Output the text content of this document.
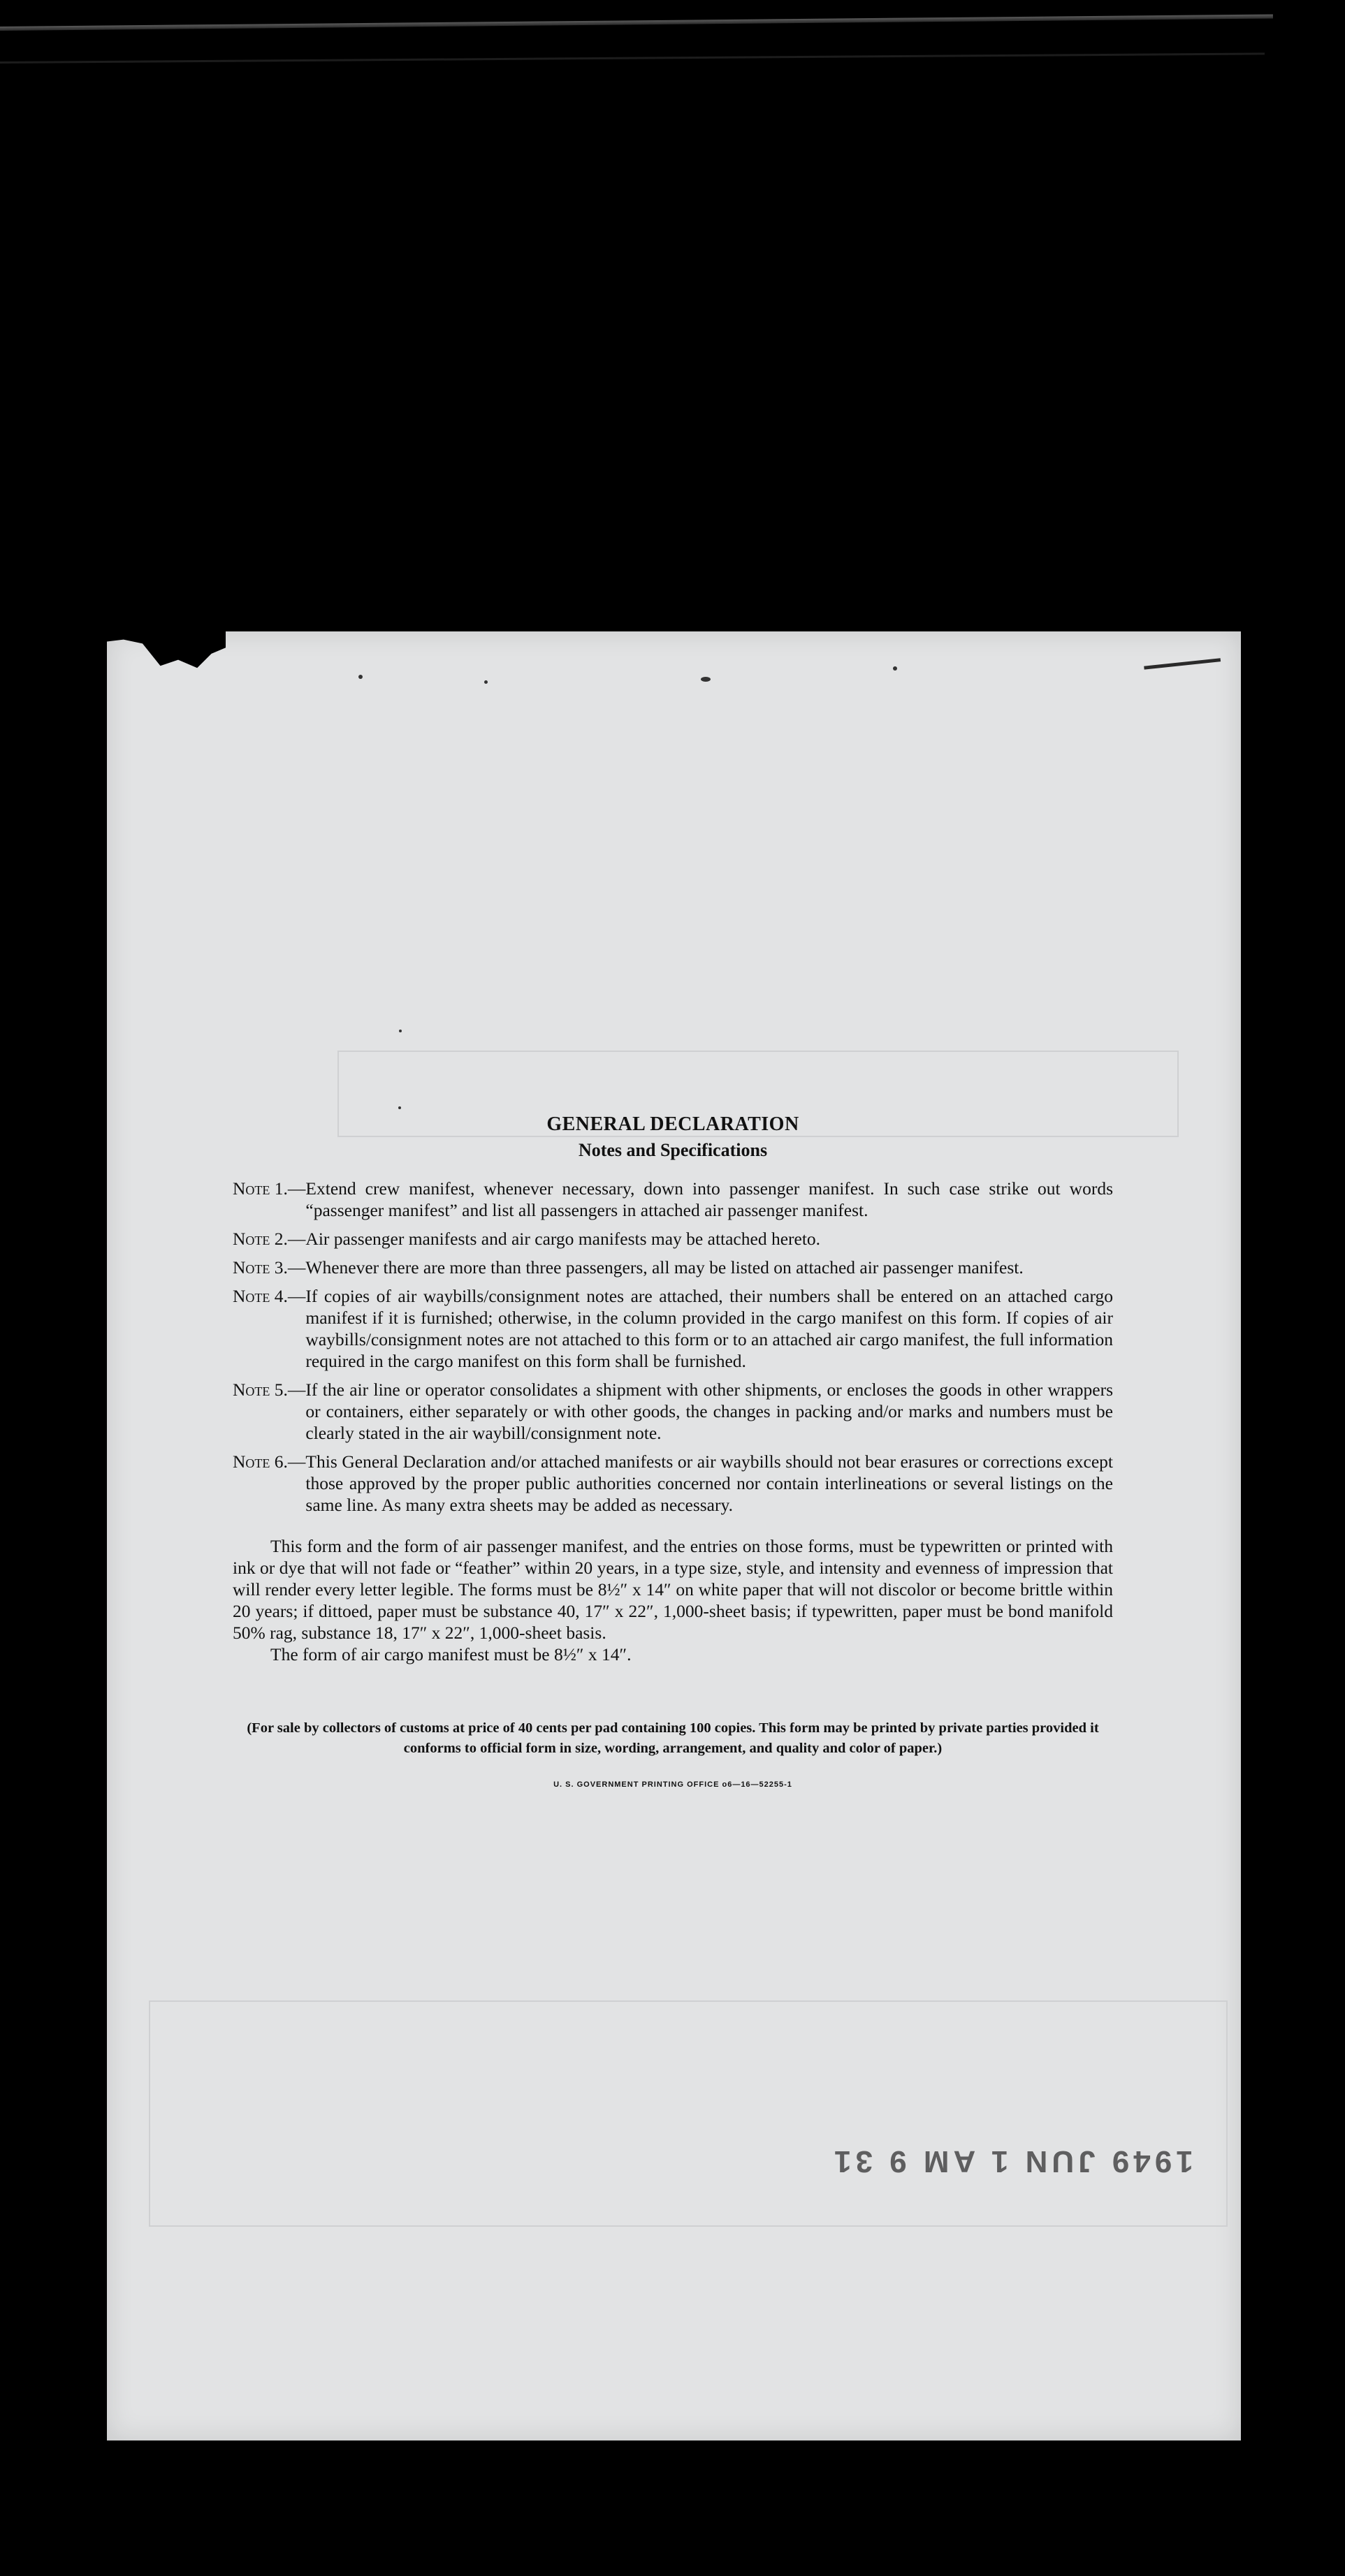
GENERAL DECLARATION
Notes and Specifications
Note 1. — Extend crew manifest, whenever necessary, down into passenger manifest. In such case strike out words “passenger manifest” and list all passengers in attached air passenger manifest.
Note 2. — Air passenger manifests and air cargo manifests may be attached hereto.
Note 3. — Whenever there are more than three passengers, all may be listed on attached air passenger manifest.
Note 4. — If copies of air waybills/consignment notes are attached, their numbers shall be entered on an attached cargo manifest if it is furnished; otherwise, in the column provided in the cargo manifest on this form. If copies of air waybills/consignment notes are not attached to this form or to an attached air cargo manifest, the full information required in the cargo manifest on this form shall be furnished.
Note 5. — If the air line or operator consolidates a shipment with other shipments, or encloses the goods in other wrappers or containers, either separately or with other goods, the changes in packing and/or marks and numbers must be clearly stated in the air waybill/consignment note.
Note 6. — This General Declaration and/or attached manifests or air waybills should not bear erasures or corrections except those approved by the proper public authorities concerned nor contain interlineations or several listings on the same line. As many extra sheets may be added as necessary.

This form and the form of air passenger manifest, and the entries on those forms, must be typewritten or printed with ink or dye that will not fade or “feather” within 20 years, in a type size, style, and intensity and evenness of impression that will render every letter legible. The forms must be 8½″ x 14″ on white paper that will not discolor or become brittle within 20 years; if dittoed, paper must be substance 40, 17″ x 22″, 1,000-sheet basis; if typewritten, paper must be bond manifold 50% rag, substance 18, 17″ x 22″, 1,000-sheet basis.

The form of air cargo manifest must be 8½″ x 14″.

(For sale by collectors of customs at price of 40 cents per pad containing 100 copies. This form may be printed by private parties provided it conforms to official form in size, wording, arrangement, and quality and color of paper.)
U. S. GOVERNMENT PRINTING OFFICE o6—16—52255-1
1949 JUN 1 AM 9 31
